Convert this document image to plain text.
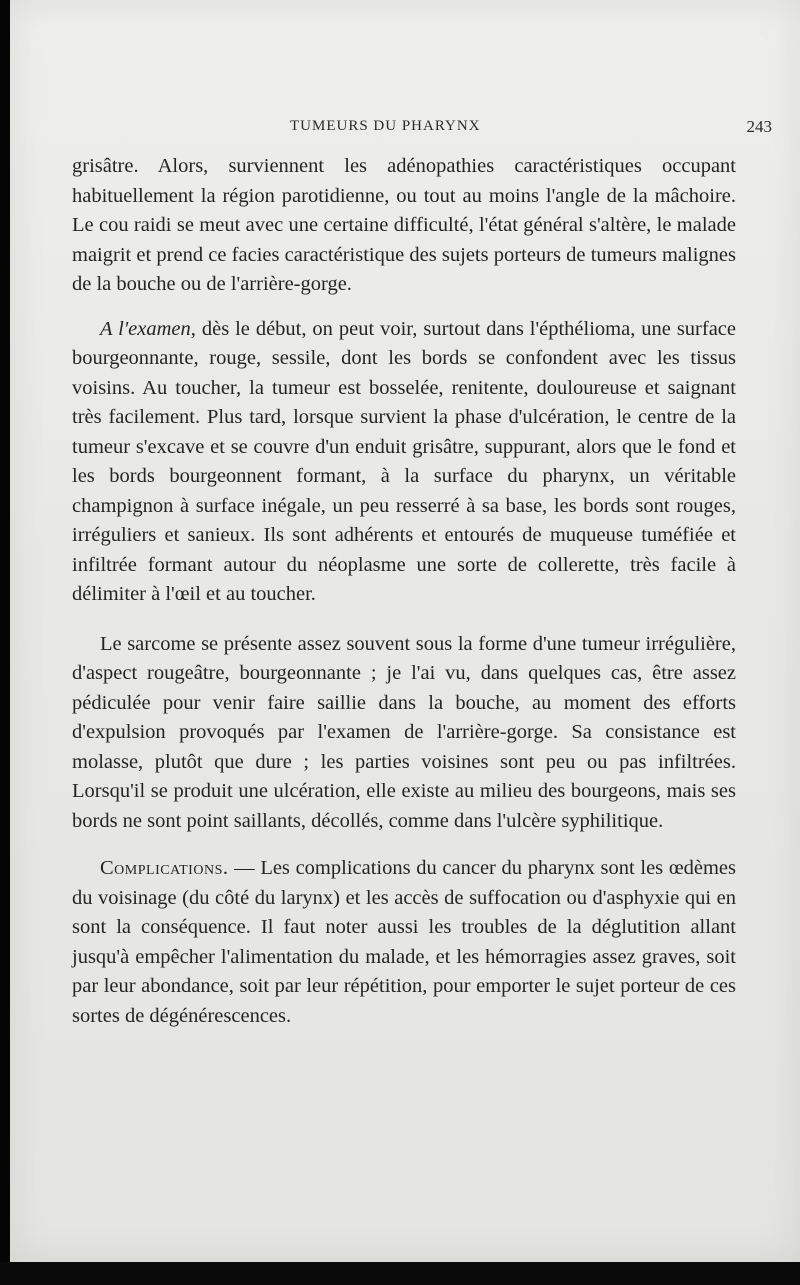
TUMEURS DU PHARYNX	243

grisâtre. Alors, surviennent les adénopathies caractéristiques occupant habituellement la région parotidienne, ou tout au moins l'angle de la mâchoire. Le cou raidi se meut avec une certaine difficulté, l'état général s'altère, le malade maigrit et prend ce facies caractéristique des sujets porteurs de tumeurs malignes de la bouche ou de l'arrière-gorge.

A l'examen, dès le début, on peut voir, surtout dans l'épthélioma, une surface bourgeonnante, rouge, sessile, dont les bords se confondent avec les tissus voisins. Au toucher, la tumeur est bosselée, renitente, douloureuse et saignant très facilement. Plus tard, lorsque survient la phase d'ulcération, le centre de la tumeur s'excave et se couvre d'un enduit grisâtre, suppurant, alors que le fond et les bords bourgeonnent formant, à la surface du pharynx, un véritable champignon à surface inégale, un peu resserré à sa base, les bords sont rouges, irréguliers et sanieux. Ils sont adhérents et entourés de muqueuse tuméfiée et infiltrée formant autour du néoplasme une sorte de collerette, très facile à délimiter à l'œil et au toucher.

Le sarcome se présente assez souvent sous la forme d'une tumeur irrégulière, d'aspect rougeâtre, bourgeonnante ; je l'ai vu, dans quelques cas, être assez pédiculée pour venir faire saillie dans la bouche, au moment des efforts d'expulsion provoqués par l'examen de l'arrière-gorge. Sa consistance est molasse, plutôt que dure ; les parties voisines sont peu ou pas infiltrées. Lorsqu'il se produit une ulcération, elle existe au milieu des bourgeons, mais ses bords ne sont point saillants, décollés, comme dans l'ulcère syphilitique.

Complications. — Les complications du cancer du pharynx sont les œdèmes du voisinage (du côté du larynx) et les accès de suffocation ou d'asphyxie qui en sont la conséquence. Il faut noter aussi les troubles de la déglutition allant jusqu'à empêcher l'alimentation du malade, et les hémorragies assez graves, soit par leur abondance, soit par leur répétition, pour emporter le sujet porteur de ces sortes de dégénérescences.
